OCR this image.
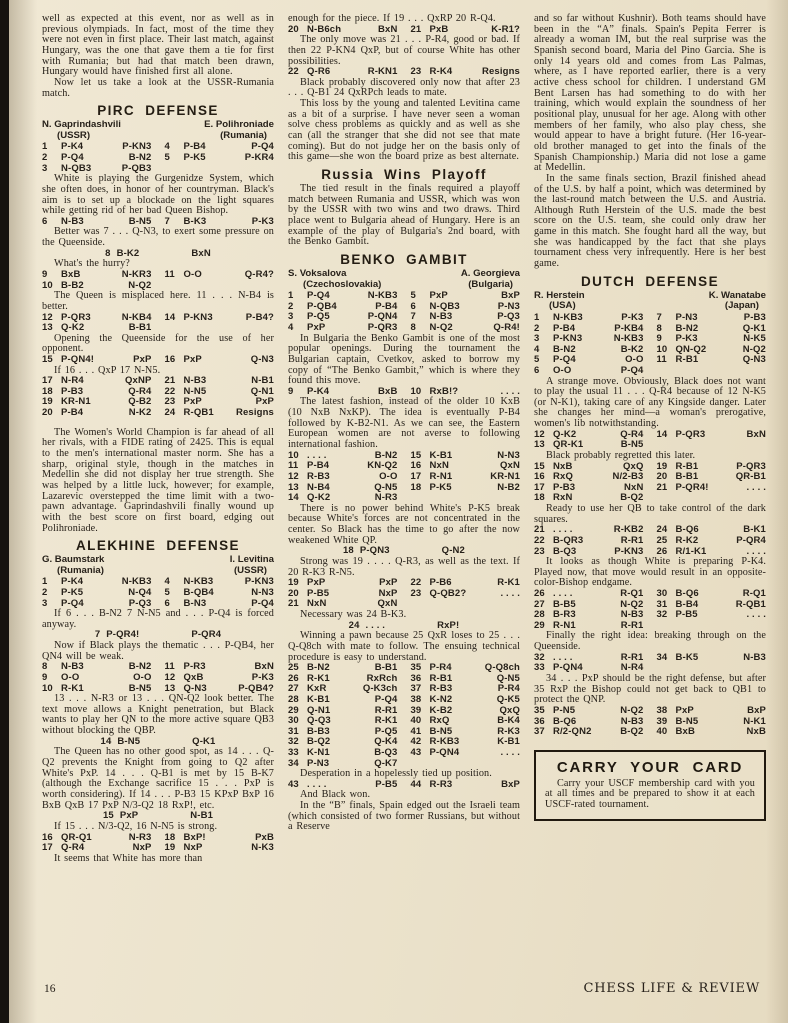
well as expected at this event, nor as well as in previous olympiads. In fact, most of the time they were not even in first place. Their last match, against Hungary, was the one that gave them a tie for first with Rumania; but had that match been drawn, Hungary would have finished first all alone.

Now let us take a look at the USSR-Rumania match.

PIRC DEFENSE
N. Gaprindashvili
(USSR)
E. Polihroniade
(Rumania)
1	P-K4	P-KN3 4	P-B4	P-Q4
2	P-Q4	B-N2 5	P-K5	P-KR4
3	N-QB3	P-QB3

White is playing the Gurgenidze System, which she often does, in honor of her countryman. Black's aim is to set up a blockade on the light squares while getting rid of her bad Queen Bishop.

6	N-B3	B-N5 7	B-K3	P-K3

Better was 7 . . . Q-N3, to exert some pressure on the Queenside.

8 B-K2	BxN

What's the hurry?

9	BxB	N-KR3 11 O-O	Q-R4?
10 B-B2	N-Q2

The Queen is misplaced here. 11 . . . N-B4 is better.

12 P-QR3	N-KB4 14 P-KN3	P-B4?
13 Q-K2	B-B1

Opening the Queenside for the use of her opponent.

15 P-QN4!	PxP 16 PxP	Q-N3

If 16 . . . QxP 17 N-N5.

17 N-R4	QxNP 21 N-B3	N-B1
18 P-B3	Q-R4 22 N-N5	Q-N1
19 KR-N1	Q-B2 23 PxP	PxP
20 P-B4	N-K2 24 R-QB1	Resigns

The Women's World Champion is far ahead of all her rivals, with a FIDE rating of 2425. This is equal to the men's international master norm. She has a sharp, original style, though in the matches in Medellin she did not display her true strength. She was helped by a little luck, however; for example, Lazarevic overstepped the time limit with a two-pawn advantage. Gaprindashvili finally wound up with the best score on first board, edging out Polihroniade.

ALEKHINE DEFENSE
G. Baumstark
(Rumania)
I. Levitina
(USSR)
1	P-K4	N-KB3 4	N-KB3	P-KN3
2	P-K5	N-Q4 5	B-QB4	N-N3
3	P-Q4	P-Q3 6	B-N3	P-Q4

If 6 . . . B-N2 7 N-N5 and . . . P-Q4 is forced anyway.

7 P-QR4!	P-QR4

Now if Black plays the thematic . . . P-QB4, her QN4 will be weak.

8	N-B3	B-N2 11 P-R3	BxN
9	O-O	O-O 12 QxB	P-K3
10 R-K1	B-N5 13 Q-N3	P-QB4?

13 . . . N-R3 or 13 . . . QN-Q2 look better. The text move allows a Knight penetration, but Black wants to play her QN to the more active square QB3 without blocking the QBP.

14 B-N5	Q-K1

The Queen has no other good spot, as 14 . . . Q-Q2 prevents the Knight from going to Q2 after White's PxP. 14 . . . Q-B1 is met by 15 B-K7 (although the Exchange sacrifice 15 . . . PxP is worth considering). If 14 . . . P-B3 15 KPxP BxP 16 BxB QxB 17 PxP N/3-Q2 18 RxP!, etc.

15 PxP	N-B1

If 15 . . . N/3-Q2, 16 N-N5 is strong.

16 QR-Q1	N-R3 18 BxP!	PxB
17 Q-R4	NxP 19 NxP	N-K3

It seems that White has more than

enough for the piece. If 19 . . . QxRP 20 R-Q4.

20 N-B6ch	BxN 21 PxB	K-R1?

The only move was 21 . . . P-R4, good or bad. If then 22 P-KN4 QxP, but of course White has other possibilities.

22 Q-R6	R-KN1 23 R-K4	Resigns

Black probably discovered only now that after 23 . . . Q-B1 24 QxRPch leads to mate.

This loss by the young and talented Levitina came as a bit of a surprise. I have never seen a woman solve chess problems as quickly and as well as she can (all the stranger that she did not see that mate coming). But do not judge her on the basis only of this game—she won the board prize as best alternate.

Russia Wins Playoff

The tied result in the finals required a playoff match between Rumania and USSR, which was won by the USSR with two wins and two draws. Third place went to Bulgaria ahead of Hungary. Here is an example of the play of Bulgaria's 2nd board, with the Benko Gambit.

BENKO GAMBIT
S. Voksalova
(Czechoslovakia)
A. Georgieva
(Bulgaria)
1	P-Q4	N-KB3 5	PxP	BxP
2	P-QB4	P-B4 6	N-QB3	P-N3
3	P-Q5	P-QN4 7	N-B3	P-Q3
4	PxP	P-QR3 8	N-Q2	Q-R4!

In Bulgaria the Benko Gambit is one of the most popular openings. During the tournament the Bulgarian captain, Cvetkov, asked to borrow my copy of “The Benko Gambit,” which is where they found this move.

9	P-K4	BxB 10 RxB!?	. . . .

The latest fashion, instead of the older 10 KxB (10 NxB NxKP). The idea is eventually P-B4 followed by K-B2-N1. As we can see, the Eastern European women are not averse to following international fashion.

10 . . . .	B-N2 15 K-B1	N-N3
11 P-B4	KN-Q2 16 NxN	QxN
12 R-B3	O-O 17 R-N1	KR-N1
13 N-B4	Q-N5 18 P-K5	N-B2
14 Q-K2	N-R3

There is no power behind White's P-K5 break because White's forces are not concentrated in the center. So Black has the time to go after the now weakened White QP.

18 P-QN3	Q-N2

Strong was 19 . . . . Q-R3, as well as the text. If 20 R-K3 R-N5.

19 PxP	PxP 22 P-B6	R-K1
20 P-B5	NxP 23 Q-QB2?	. . . .
21 NxN	QxN

Necessary was 24 B-K3.

24 . . . .	RxP!

Winning a pawn because 25 QxR loses to 25 . . . Q-Q8ch with mate to follow. The ensuing technical procedure is easy to understand.

25 B-N2	B-B1 35 P-R4	Q-Q8ch
26 R-K1	RxRch 36 R-B1	Q-N5
27 KxR	Q-K3ch 37 R-B3	P-R4
28 K-B1	P-Q4 38 K-N2	Q-K5
29 Q-N1	R-R1 39 K-B2	QxQ
30 Q-Q3	R-K1 40 RxQ	B-K4
31 B-B3	P-Q5 41 B-N5	R-K3
32 B-Q2	Q-K4 42 R-KB3	K-B1
33 K-N1	B-Q3 43 P-QN4	. . . .
34 P-N3	Q-K7

Desperation in a hopelessly tied up position.

43 . . . .	P-B5 44 R-R3	BxP

And Black won.

In the “B” finals, Spain edged out the Israeli team (which consisted of two former Russians, but without a Reserve

and so far without Kushnir). Both teams should have been in the “A” finals. Spain's Pepita Ferrer is already a woman IM, but the real surprise was the Spanish second board, Maria del Pino Garcia. She is only 14 years old and comes from Las Palmas, where, as I have reported earlier, there is a very active chess school for children. I understand GM Bent Larsen has had something to do with her training, which would explain the soundness of her positional play, unusual for her age. Along with other members of her family, who also play chess, she would appear to have a bright future. (Her 16-year-old brother managed to get into the finals of the Spanish Championship.) Maria did not lose a game at Medellin.

In the same finals section, Brazil finished ahead of the U.S. by half a point, which was determined by the last-round match between the U.S. and Austria. Although Ruth Herstein of the U.S. made the best score on the U.S. team, she could only draw her game in this match. She fought hard all the way, but she was handicapped by the fact that she plays tournament chess very infrequently. Here is her best game.

DUTCH DEFENSE
R. Herstein
(USA)
K. Wanatabe
(Japan)
1	N-KB3	P-K3 7	P-N3	P-B3
2	P-B4	P-KB4 8	B-N2	Q-K1
3	P-KN3	N-KB3 9	P-K3	N-K5
4	B-N2	B-K2 10 QN-Q2	N-Q2
5	P-Q4	O-O 11 R-B1	Q-N3
6	O-O	P-Q4

A strange move. Obviously, Black does not want to play the usual 11 . . . Q-R4 because of 12 N-K5 (or N-K1), taking care of any Kingside danger. Later she changes her mind—a woman's prerogative, women's lib notwithstanding.

12 Q-K2	Q-R4 14 P-QR3	BxN
13 QR-K1	B-N5

Black probably regretted this later.

15 NxB	QxQ 19 R-B1	P-QR3
16 RxQ	N/2-B3 20 B-B1	QR-B1
17 P-B3	NxN 21 P-QR4!	. . . .
18 RxN	B-Q2

Ready to use her QB to take control of the dark squares.

21 . . . .	R-KB2 24 B-Q6	B-K1
22 B-QR3	R-R1 25 R-K2	P-QR4
23 B-Q3	P-KN3 26 R/1-K1	. . . .

It looks as though White is preparing P-K4. Played now, that move would result in an opposite-color-Bishop endgame.

26 . . . .	R-Q1 30 B-Q6	R-Q1
27 B-B5	N-Q2 31 B-B4	R-QB1
28 B-R3	N-B3 32 P-B5	. . . .
29 R-N1	R-R1

Finally the right idea: breaking through on the Queenside.

32 . . . .	R-R1 34 B-K5	N-B3
33 P-QN4	N-R4

34 . . . PxP should be the right defense, but after 35 RxP the Bishop could not get back to QB1 to protect the QNP.

35 P-N5	N-Q2 38 PxP	BxP
36 B-Q6	N-B3 39 B-N5	N-K1
37 R/2-QN2	B-Q2 40 BxB	NxB
CARRY YOUR CARD

Carry your USCF membership card with you at all times and be prepared to show it at each USCF-rated tournament.

16	CHESS LIFE & REVIEW
